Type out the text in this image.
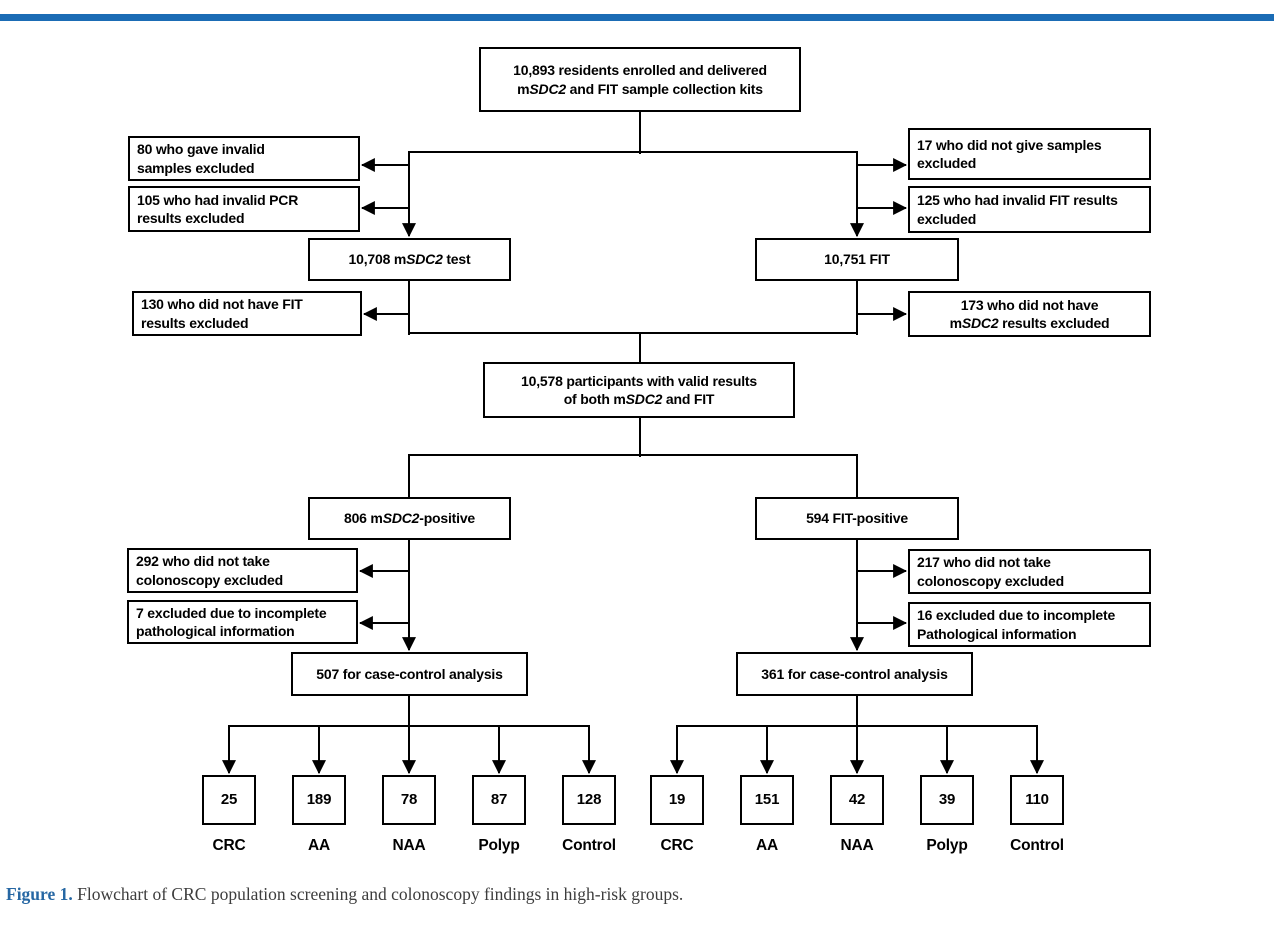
10,893 residents enrolled and delivered
mSDC2 and FIT sample collection kits
80 who gave invalid
samples excluded
105 who had invalid PCR
results excluded
17 who did not give samples
excluded
125 who had invalid FIT results
excluded
10,708 mSDC2 test	10,751 FIT
130 who did not have FIT
results excluded
173 who did not have
mSDC2 results excluded
10,578 participants with valid results
of both mSDC2 and FIT
806 mSDC2-positive	594 FIT-positive
292 who did not take
colonoscopy excluded
7 excluded due to incomplete
pathological information
217 who did not take
colonoscopy excluded
16 excluded due to incomplete
Pathological information
507 for case-control analysis	361 for case-control analysis
25	189	78	87	128	19	151	42	39	110
CRC	AA	NAA	Polyp	Control	CRC	AA	NAA	Polyp	Control
Figure 1. Flowchart of CRC population screening and colonoscopy findings in high-risk groups.
